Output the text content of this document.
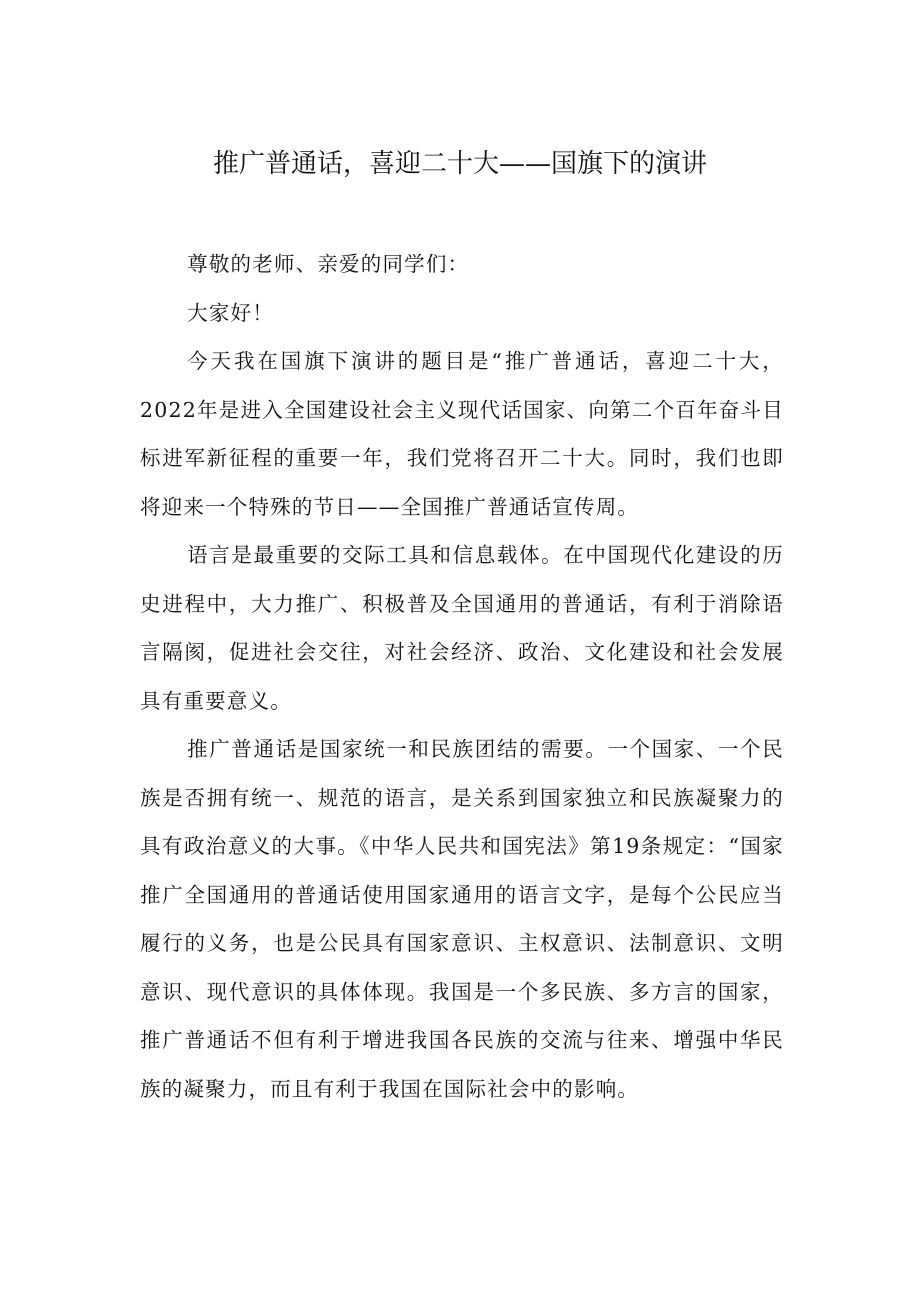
推广普通话，喜迎二十大——国旗下的演讲

尊敬的老师、亲爱的同学们：

大家好！

今天我在国旗下演讲的题目是“推广普通话，喜迎二十大，2022年是进入全国建设社会主义现代话国家、向第二个百年奋斗目标进军新征程的重要一年，我们党将召开二十大。同时，我们也即将迎来一个特殊的节日——全国推广普通话宣传周。

语言是最重要的交际工具和信息载体。在中国现代化建设的历史进程中，大力推广、积极普及全国通用的普通话，有利于消除语言隔阂，促进社会交往，对社会经济、政治、文化建设和社会发展具有重要意义。

推广普通话是国家统一和民族团结的需要。一个国家、一个民族是否拥有统一、规范的语言，是关系到国家独立和民族凝聚力的具有政治意义的大事。《中华人民共和国宪法》第19条规定：“国家推广全国通用的普通话使用国家通用的语言文字，是每个公民应当履行的义务，也是公民具有国家意识、主权意识、法制意识、文明意识、现代意识的具体体现。我国是一个多民族、多方言的国家，推广普通话不但有利于增进我国各民族的交流与往来、增强中华民族的凝聚力，而且有利于我国在国际社会中的影响。
